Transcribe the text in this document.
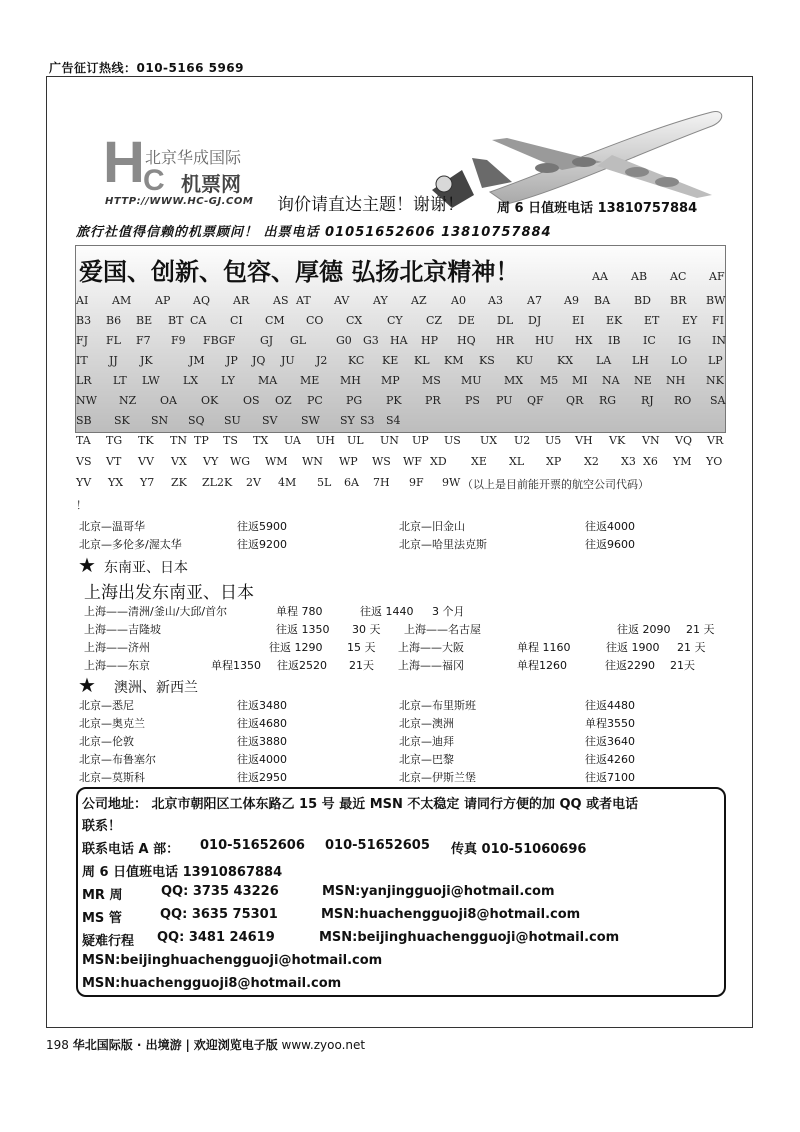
广告征订热线：010-5166 5969
H
C
北京华成国际
机票网
HTTP://WWW.HC-GJ.COM 询价请直达主题！谢谢！	周 6 日值班电话 13810757884
旅行社值得信赖的机票顾问！ 出票电话 01051652606 13810757884
爱国、创新、包容、厚德 弘扬北京精神！	AA AB AC AF
AI AM AP AQ AR AS AT AV AY AZ A0 A3 A7 A9 BA BD BR BW
B3 B6 BE BT CA CI CM CO CX CY CZ DE DL DJ	EI EK ET EY FI
FJ FL F7 F9 FBGF GJ GL	G0 G3 HA HP HQ HR HU HX IB IC IG IN
IT JJ JK	JM JP JQ JU J2 KC KE KL KM KS KU KX LA LH LO LP
LR LT LW LX LY MA ME MH MP MS MU MX M5 MI NA NE NH NK
NW NZ OA OK OS OZ PC PG PK PR PS PU QF QR RG RJ RO SA
SB SK SN SQ SU SV SW SY S3 S4
TA TG TK TN TP TS TX UA UH UL UN UP US UX U2 U5 VH VK VN VQ VR
VS VT VV VX VY WG WM WN WP WS WF XD XE XL XP X2 X3 X6 YM YO
YV YX Y7 ZK ZL2K 2V 4M 5L 6A 7H 9F 9W （以上是目前能开票的航空公司代码）
！
北京—温哥华	往返5900	北京—旧金山	往返4000
北京—多伦多/渥太华	往返9200	北京—哈里法克斯	往返9600
★ 东南亚、日本
上海出发东南亚、日本
上海——清洲/釜山/大邱/首尔	单程 780	往返 1440 3 个月
上海——吉隆坡	往返 1350 30 天 上海——名古屋	往返 2090 21 天
上海——济州	往返 1290 15 天 上海——大阪	单程 1160	往返 1900 21 天
上海——东京	单程1350 往返2520 21天 上海——福冈	单程1260	往返2290 21天
★ 澳洲、新西兰
北京—悉尼	往返3480	北京—布里斯班	往返4480
北京—奥克兰	往返4680	北京—澳洲	单程3550
北京—伦敦	往返3880	北京—迪拜	往返3640
北京—布鲁塞尔	往返4000	北京—巴黎	往返4260
北京—莫斯科	往返2950	北京—伊斯兰堡	往返7100
公司地址： 北京市朝阳区工体东路乙 15 号 最近 MSN 不太稳定 请同行方便的加 QQ 或者电话
联系！
联系电话 A 部： 010-51652606 010-51652605 传真 010-51060696
周 6 日值班电话 13910867884
MR 周	QQ: 3735 43226	MSN:yanjingguoji@hotmail.com
MS 管	QQ: 3635 75301	MSN:huachengguoji8@hotmail.com
疑难行程 QQ: 3481 24619	MSN:beijinghuachengguoji@hotmail.com
MSN:beijinghuachengguoji@hotmail.com
MSN:huachengguoji8@hotmail.com
198 华北国际版 · 出境游 | 欢迎浏览电子版 www.zyoo.net
